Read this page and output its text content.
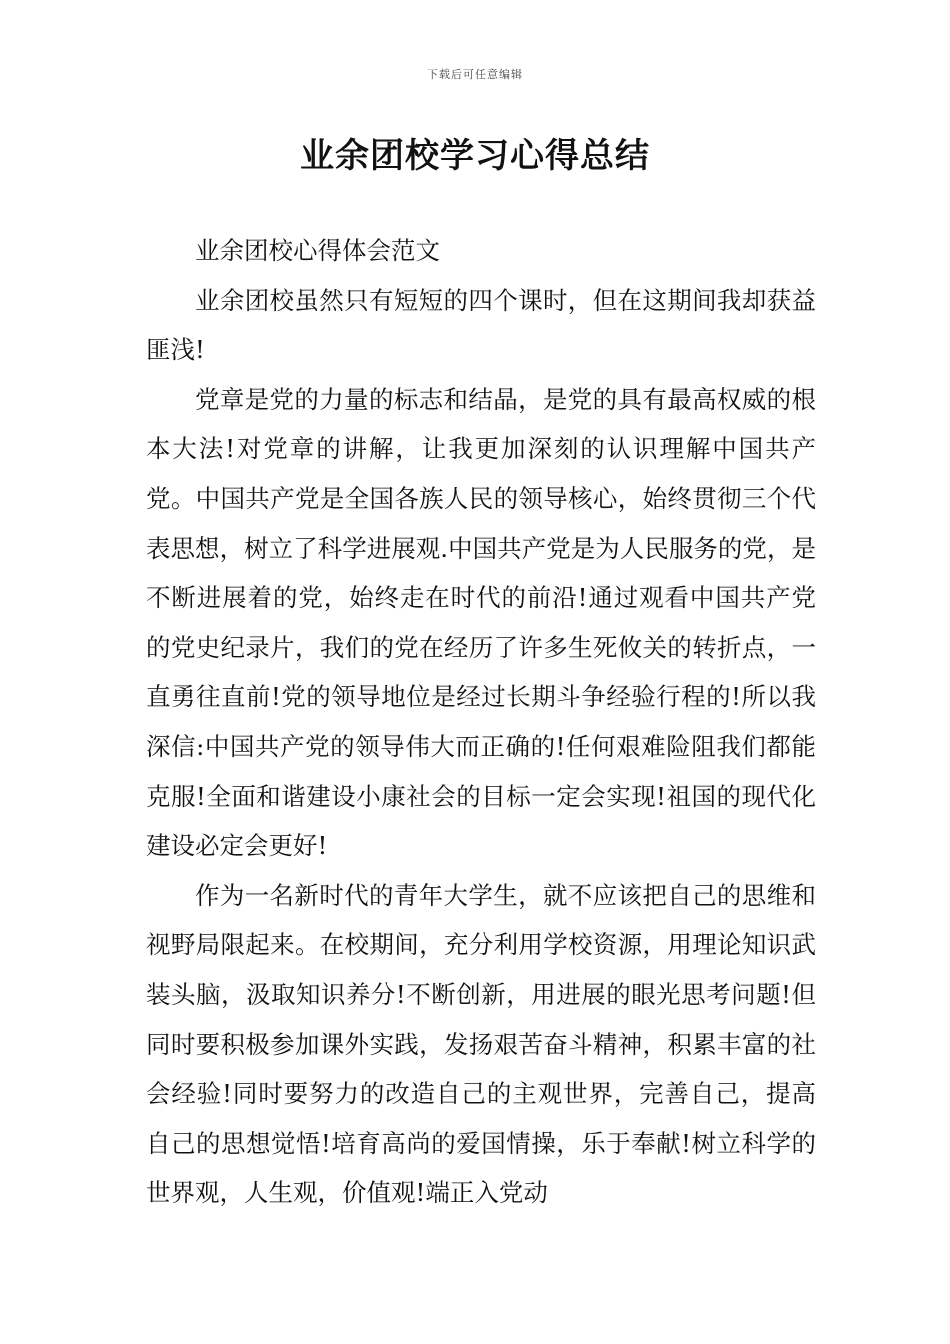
下载后可任意编辑
业余团校学习心得总结

业余团校心得体会范文

业余团校虽然只有短短的四个课时，但在这期间我却获益匪浅!

党章是党的力量的标志和结晶，是党的具有最高权威的根本大法!对党章的讲解，让我更加深刻的认识理解中国共产党。中国共产党是全国各族人民的领导核心，始终贯彻三个代表思想，树立了科学进展观.中国共产党是为人民服务的党，是不断进展着的党，始终走在时代的前沿!通过观看中国共产党的党史纪录片，我们的党在经历了许多生死攸关的转折点，一直勇往直前!党的领导地位是经过长期斗争经验行程的!所以我深信:中国共产党的领导伟大而正确的!任何艰难险阻我们都能克服!全面和谐建设小康社会的目标一定会实现!祖国的现代化建设必定会更好!

作为一名新时代的青年大学生，就不应该把自己的思维和视野局限起来。在校期间，充分利用学校资源，用理论知识武装头脑，汲取知识养分!不断创新，用进展的眼光思考问题!但同时要积极参加课外实践，发扬艰苦奋斗精神，积累丰富的社会经验!同时要努力的改造自己的主观世界，完善自己，提高自己的思想觉悟!培育高尚的爱国情操，乐于奉献!树立科学的世界观，人生观，价值观!端正入党动
